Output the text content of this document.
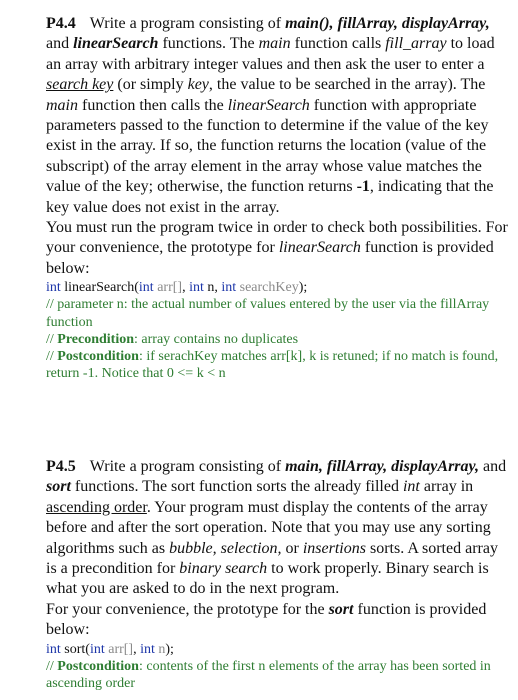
P4.4 Write a program consisting of main(), fillArray, displayArray, and linearSearch functions. The main function calls fill_array to load an array with arbitrary integer values and then ask the user to enter a search key (or simply key, the value to be searched in the array). The main function then calls the linearSearch function with appropriate parameters passed to the function to determine if the value of the key exist in the array. If so, the function returns the location (value of the subscript) of the array element in the array whose value matches the value of the key; otherwise, the function returns -1, indicating that the key value does not exist in the array.
You must run the program twice in order to check both possibilities. For your convenience, the prototype for linearSearch function is provided below:

int linearSearch(int arr[], int n, int searchKey);

// parameter n: the actual number of values entered by the user via the fillArray function

// Precondition: array contains no duplicates

// Postcondition: if serachKey matches arr[k], k is retuned; if no match is found, return -1. Notice that 0 <= k < n

P4.5 Write a program consisting of main, fillArray, displayArray, and sort functions. The sort function sorts the already filled int array in ascending order. Your program must display the contents of the array before and after the sort operation. Note that you may use any sorting algorithms such as bubble, selection, or insertions sorts. A sorted array is a precondition for binary search to work properly. Binary search is what you are asked to do in the next program.
For your convenience, the prototype for the sort function is provided below:

int sort(int arr[], int n);

// Postcondition: contents of the first n elements of the array has been sorted in ascending order
